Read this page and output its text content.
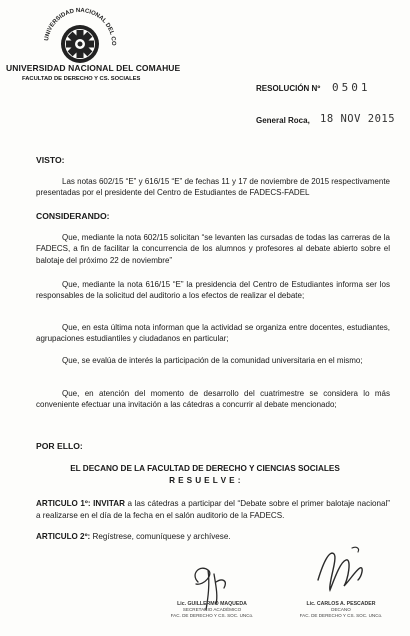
UNIVERSIDAD NACIONAL DEL CO
UNIVERSIDAD NACIONAL DEL COMAHUE
FACULTAD DE DERECHO Y CS. SOCIALES
RESOLUCIÓN Nº 0501
General Roca, 18 NOV 2015
VISTO:
Las notas 602/15 “E” y 616/15 “E” de fechas 11 y 17 de noviembre de 2015 respectivamente presentadas por el presidente del Centro de Estudiantes de FADECS-FADEL
CONSIDERANDO:
Que, mediante la nota 602/15 solicitan “se levanten las cursadas de todas las carreras de la FADECS, a fin de facilitar la concurrencia de los alumnos y profesores al debate abierto sobre el balotaje del próximo 22 de noviembre”
Que, mediante la nota 616/15 “E” la presidencia del Centro de Estudiantes informa ser los responsables de la solicitud del auditorio a los efectos de realizar el debate;
Que, en esta última nota informan que la actividad se organiza entre docentes, estudiantes, agrupaciones estudiantiles y ciudadanos en particular;
Que, se evalúa de interés la participación de la comunidad universitaria en el mismo;
Que, en atención del momento de desarrollo del cuatrimestre se considera lo más conveniente efectuar una invitación a las cátedras a concurrir al debate mencionado;
POR ELLO:
EL DECANO DE LA FACULTAD DE DERECHO Y CIENCIAS SOCIALES
R E S U E L V E :
ARTICULO 1º: INVITAR a las cátedras a participar del “Debate sobre el primer balotaje nacional” a realizarse en el día de la fecha en el salón auditorio de la FADECS.
ARTICULO 2º: Regístrese, comuníquese y archívese.
Lic. GUILLERMO MAQUEDA
SECRETARIO ACADÉMICO
FAC. DE DERECHO Y CS. SOC. UNCo.
Lic. CARLOS A. PESCADER
DECANO
FAC. DE DERECHO Y CS. SOC. UNCo.
